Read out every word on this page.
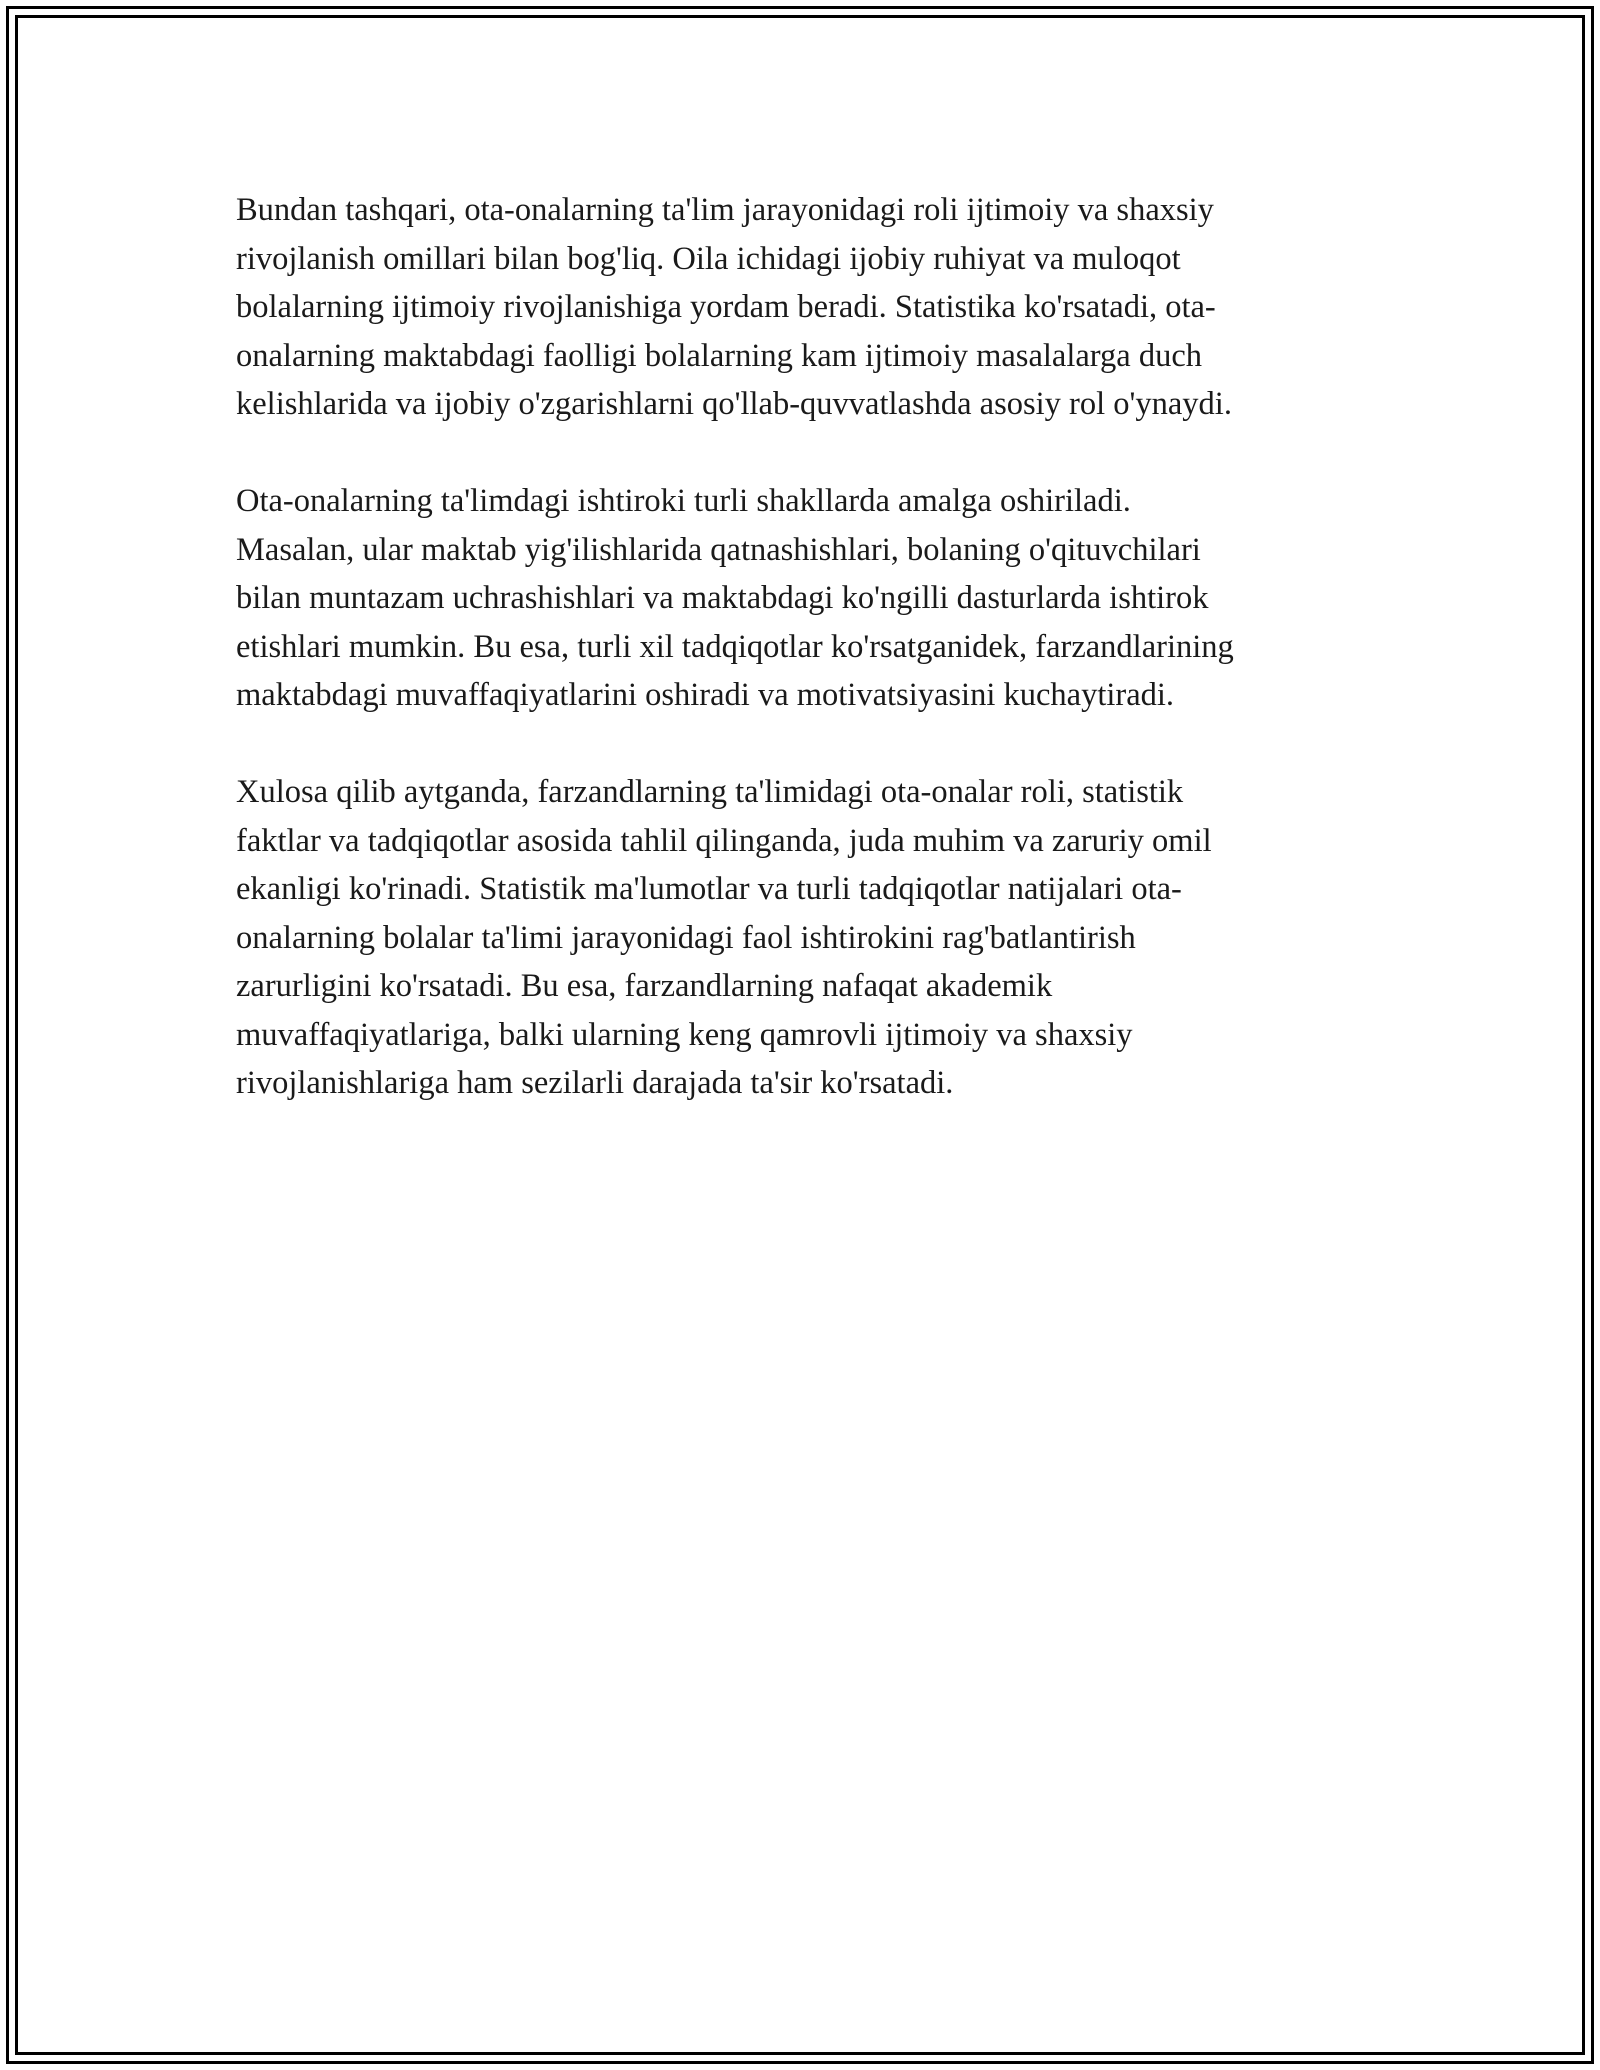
Bundan tashqari, ota-onalarning ta'lim jarayonidagi roli ijtimoiy va shaxsiy
rivojlanish omillari bilan bog'liq. Oila ichidagi ijobiy ruhiyat va muloqot
bolalarning ijtimoiy rivojlanishiga yordam beradi. Statistika ko'rsatadi, ota-
onalarning maktabdagi faolligi bolalarning kam ijtimoiy masalalarga duch
kelishlarida va ijobiy o'zgarishlarni qo'llab-quvvatlashda asosiy rol o'ynaydi.

Ota-onalarning ta'limdagi ishtiroki turli shakllarda amalga oshiriladi.
Masalan, ular maktab yig'ilishlarida qatnashishlari, bolaning o'qituvchilari
bilan muntazam uchrashishlari va maktabdagi ko'ngilli dasturlarda ishtirok
etishlari mumkin. Bu esa, turli xil tadqiqotlar ko'rsatganidek, farzandlarining
maktabdagi muvaffaqiyatlarini oshiradi va motivatsiyasini kuchaytiradi.

Xulosa qilib aytganda, farzandlarning ta'limidagi ota-onalar roli, statistik
faktlar va tadqiqotlar asosida tahlil qilinganda, juda muhim va zaruriy omil
ekanligi ko'rinadi. Statistik ma'lumotlar va turli tadqiqotlar natijalari ota-
onalarning bolalar ta'limi jarayonidagi faol ishtirokini rag'batlantirish
zarurligini ko'rsatadi. Bu esa, farzandlarning nafaqat akademik
muvaffaqiyatlariga, balki ularning keng qamrovli ijtimoiy va shaxsiy
rivojlanishlariga ham sezilarli darajada ta'sir ko'rsatadi.
